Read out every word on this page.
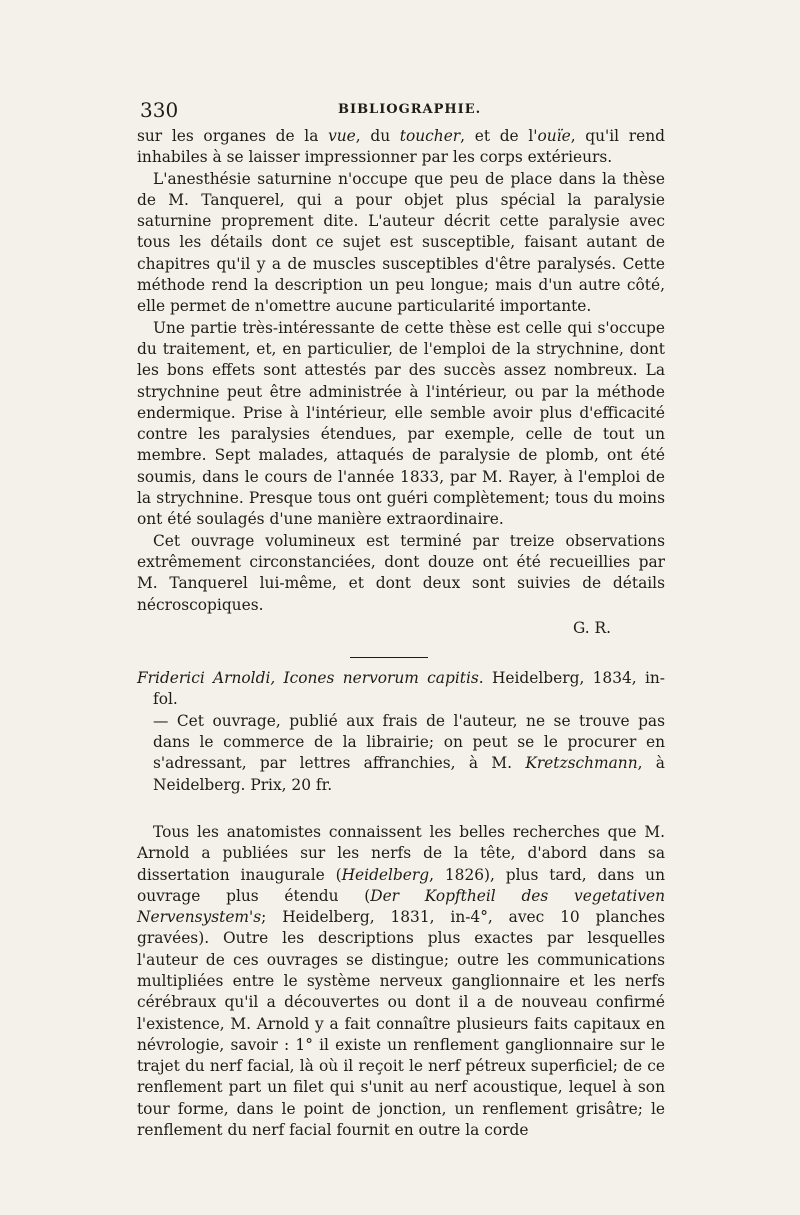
330	BIBLIOGRAPHIE.

sur les organes de la vue, du toucher, et de l'ouïe, qu'il rend inhabiles à se laisser impressionner par les corps extérieurs.

L'anesthésie saturnine n'occupe que peu de place dans la thèse de M. Tanquerel, qui a pour objet plus spécial la paralysie saturnine proprement dite. L'auteur décrit cette paralysie avec tous les détails dont ce sujet est susceptible, faisant autant de chapitres qu'il y a de muscles susceptibles d'être paralysés. Cette méthode rend la description un peu longue; mais d'un autre côté, elle permet de n'omettre aucune particularité importante.

Une partie très-intéressante de cette thèse est celle qui s'occupe du traitement, et, en particulier, de l'emploi de la strychnine, dont les bons effets sont attestés par des succès assez nombreux. La strychnine peut être administrée à l'intérieur, ou par la méthode endermique. Prise à l'intérieur, elle semble avoir plus d'efficacité contre les paralysies étendues, par exemple, celle de tout un membre. Sept malades, attaqués de paralysie de plomb, ont été soumis, dans le cours de l'année 1833, par M. Rayer, à l'emploi de la strychnine. Presque tous ont guéri complètement; tous du moins ont été soulagés d'une manière extraordinaire.

Cet ouvrage volumineux est terminé par treize observations extrêmement circonstanciées, dont douze ont été recueillies par M. Tanquerel lui-même, et dont deux sont suivies de détails nécroscopiques.

G. R.

Friderici Arnoldi, Icones nervorum capitis. Heidelberg, 1834, in-fol.
— Cet ouvrage, publié aux frais de l'auteur, ne se trouve pas dans le commerce de la librairie; on peut se le procurer en s'adressant, par lettres affranchies, à M. Kretzschmann, à Neidelberg. Prix, 20 fr.

Tous les anatomistes connaissent les belles recherches que M. Arnold a publiées sur les nerfs de la tête, d'abord dans sa dissertation inaugurale (Heidelberg, 1826), plus tard, dans un ouvrage plus étendu (Der Kopftheil des vegetativen Nervensystem's; Heidelberg, 1831, in-4°, avec 10 planches gravées). Outre les descriptions plus exactes par lesquelles l'auteur de ces ouvrages se distingue; outre les communications multipliées entre le système nerveux ganglionnaire et les nerfs cérébraux qu'il a découvertes ou dont il a de nouveau confirmé l'existence, M. Arnold y a fait connaître plusieurs faits capitaux en névrologie, savoir : 1° il existe un renflement ganglionnaire sur le trajet du nerf facial, là où il reçoit le nerf pétreux superficiel; de ce renflement part un filet qui s'unit au nerf acoustique, lequel à son tour forme, dans le point de jonction, un renflement grisâtre; le renflement du nerf facial fournit en outre la corde
